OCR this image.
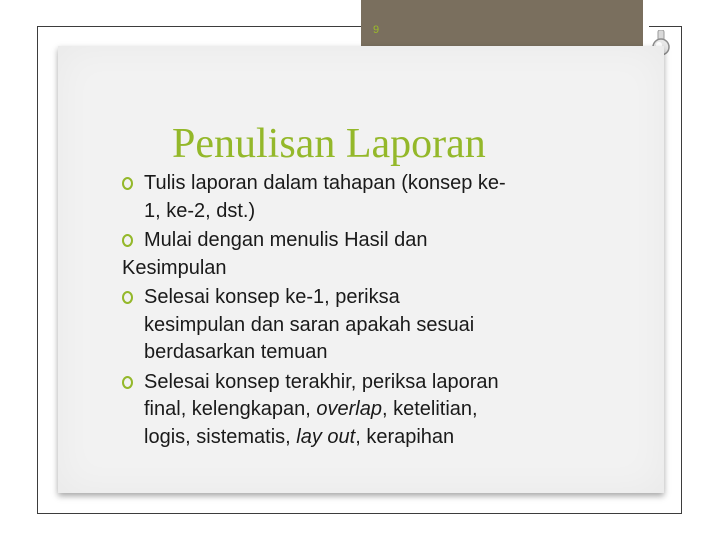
9
Penulisan Laporan
Tulis laporan dalam tahapan (konsep ke-
1, ke-2, dst.)
Mulai dengan menulis Hasil dan
Kesimpulan
Selesai konsep ke-1, periksa
kesimpulan dan saran apakah sesuai
berdasarkan temuan
Selesai konsep terakhir, periksa laporan
final, kelengkapan, overlap, ketelitian,
logis, sistematis, lay out, kerapihan
